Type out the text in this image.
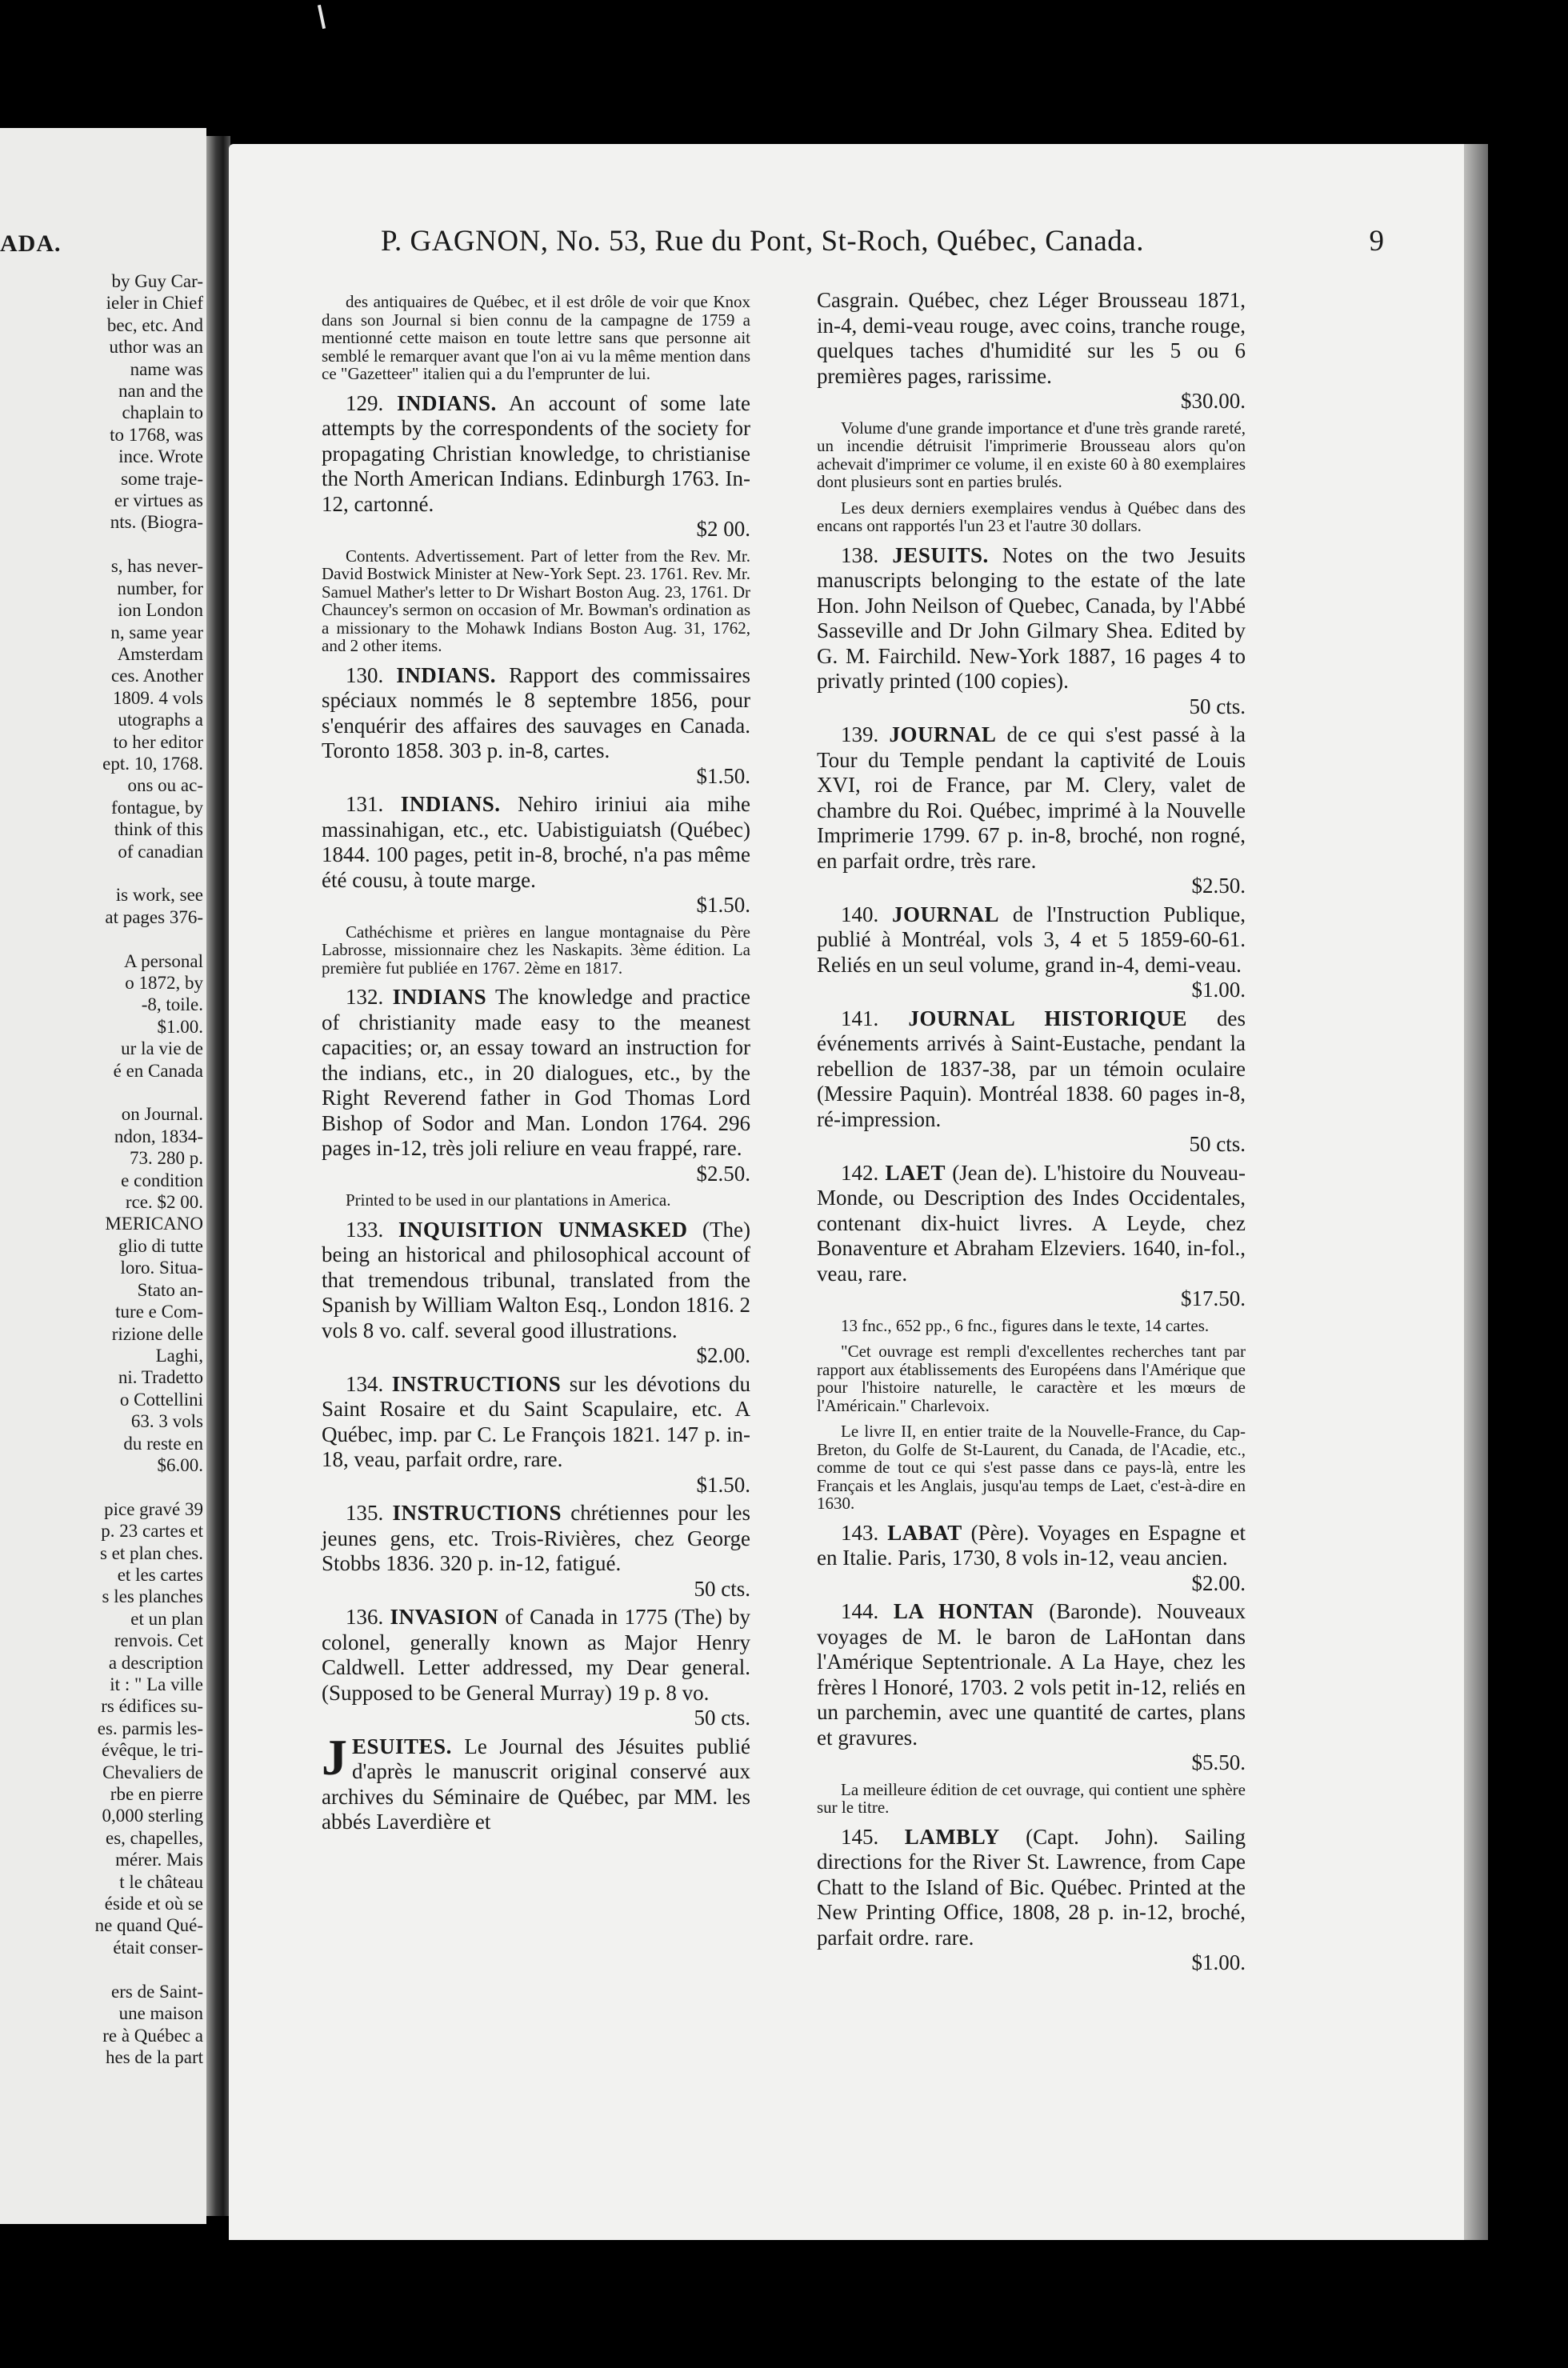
ADA.
by Guy Car-
ieler in Chief
bec, etc. And
uthor was an
name was
nan and the
chaplain to
to 1768, was
ince. Wrote
some traje-
er virtues as
nts. (Biogra-

s, has never-
number, for
ion London
n, same year
Amsterdam
ces. Another
1809. 4 vols
utographs a
to her editor
ept. 10, 1768.
ons ou ac-
fontague, by
think of this
of canadian

is work, see
at pages 376-

A personal
o 1872, by
-8, toile.
$1.00.
ur la vie de
é en Canada

on Journal.
ndon, 1834-
73. 280 p.
e condition
rce. $2 00.
MERICANO
glio di tutte
loro. Situa-
Stato an-
ture e Com-
rizione delle
Laghi,
ni. Tradetto
o Cottellini
63. 3 vols
du reste en
$6.00.

pice gravé 39
p. 23 cartes et
s et plan ches.
et les cartes
s les planches
et un plan
renvois. Cet
a description
it : " La ville
rs édifices su-
es. parmis les-
évêque, le tri-
Chevaliers de
rbe en pierre
0,000 sterling
es, chapelles,
mérer. Mais
t le château
éside et où se
ne quand Qué-
était conser-

ers de Saint-
une maison
re à Québec a
hes de la part
P. GAGNON, No. 53, Rue du Pont, St-Roch, Québec, Canada.	9

des antiquaires de Québec, et il est drôle de voir que Knox dans son Journal si bien connu de la campagne de 1759 a mentionné cette maison en toute lettre sans que personne ait semblé le remarquer avant que l'on ai vu la même mention dans ce "Gazetteer" italien qui a du l'emprunter de lui.

129. INDIANS. An account of some late attempts by the correspondents of the society for propagating Christian knowledge, to christianise the North American Indians. Edinburgh 1763. In-12, cartonné.
$2 00.

Contents. Advertissement. Part of letter from the Rev. Mr. David Bostwick Minister at New-York Sept. 23. 1761. Rev. Mr. Samuel Mather's letter to Dr Wishart Boston Aug. 23, 1761. Dr Chauncey's sermon on occasion of Mr. Bowman's ordination as a missionary to the Mohawk Indians Boston Aug. 31, 1762, and 2 other items.

130. INDIANS. Rapport des commissaires spéciaux nommés le 8 septembre 1856, pour s'enquérir des affaires des sauvages en Canada. Toronto 1858. 303 p. in-8, cartes.
$1.50.

131. INDIANS. Nehiro iriniui aia mihe massinahigan, etc., etc. Uabistiguiatsh (Québec) 1844. 100 pages, petit in-8, broché, n'a pas même été cousu, à toute marge.
$1.50.

Cathéchisme et prières en langue montagnaise du Père Labrosse, missionnaire chez les Naskapits. 3ème édition. La première fut publiée en 1767. 2ème en 1817.

132. INDIANS The knowledge and practice of christianity made easy to the meanest capacities; or, an essay toward an instruction for the indians, etc., in 20 dialogues, etc., by the Right Reverend father in God Thomas Lord Bishop of Sodor and Man. London 1764. 296 pages in-12, très joli reliure en veau frappé, rare.
$2.50.

Printed to be used in our plantations in America.

133. INQUISITION UNMASKED (The) being an historical and philosophical account of that tremendous tribunal, translated from the Spanish by William Walton Esq., London 1816. 2 vols 8 vo. calf. several good illustrations.
$2.00.

134. INSTRUCTIONS sur les dévotions du Saint Rosaire et du Saint Scapulaire, etc. A Québec, imp. par C. Le François 1821. 147 p. in-18, veau, parfait ordre, rare.
$1.50.

135. INSTRUCTIONS chrétiennes pour les jeunes gens, etc. Trois-Rivières, chez George Stobbs 1836. 320 p. in-12, fatigué.
50 cts.

136. INVASION of Canada in 1775 (The) by colonel, generally known as Major Henry Caldwell. Letter addressed, my Dear general. (Supposed to be General Murray) 19 p. 8 vo.
50 cts.

JESUITES. Le Journal des Jésuites publié d'après le manuscrit original conservé aux archives du Séminaire de Québec, par MM. les abbés Laverdière et

Casgrain. Québec, chez Léger Brousseau 1871, in-4, demi-veau rouge, avec coins, tranche rouge, quelques taches d'humidité sur les 5 ou 6 premières pages, rarissime.
$30.00.

Volume d'une grande importance et d'une très grande rareté, un incendie détruisit l'imprimerie Brousseau alors qu'on achevait d'imprimer ce volume, il en existe 60 à 80 exemplaires dont plusieurs sont en parties brulés.

Les deux derniers exemplaires vendus à Québec dans des encans ont rapportés l'un 23 et l'autre 30 dollars.

138. JESUITS. Notes on the two Jesuits manuscripts belonging to the estate of the late Hon. John Neilson of Quebec, Canada, by l'Abbé Sasseville and Dr John Gilmary Shea. Edited by G. M. Fairchild. New-York 1887, 16 pages 4 to privatly printed (100 copies).
50 cts.

139. JOURNAL de ce qui s'est passé à la Tour du Temple pendant la captivité de Louis XVI, roi de France, par M. Clery, valet de chambre du Roi. Québec, imprimé à la Nouvelle Imprimerie 1799. 67 p. in-8, broché, non rogné, en parfait ordre, très rare.
$2.50.

140. JOURNAL de l'Instruction Publique, publié à Montréal, vols 3, 4 et 5 1859-60-61. Reliés en un seul volume, grand in-4, demi-veau.
$1.00.

141. JOURNAL HISTORIQUE des événements arrivés à Saint-Eustache, pendant la rebellion de 1837-38, par un témoin oculaire (Messire Paquin). Montréal 1838. 60 pages in-8, ré-impression.
50 cts.

142. LAET (Jean de). L'histoire du Nouveau-Monde, ou Description des Indes Occidentales, contenant dix-huict livres. A Leyde, chez Bonaventure et Abraham Elzeviers. 1640, in-fol., veau, rare.
$17.50.

13 fnc., 652 pp., 6 fnc., figures dans le texte, 14 cartes.

"Cet ouvrage est rempli d'excellentes recherches tant par rapport aux établissements des Européens dans l'Amérique que pour l'histoire naturelle, le caractère et les mœurs de l'Américain." Charlevoix.

Le livre II, en entier traite de la Nouvelle-France, du Cap-Breton, du Golfe de St-Laurent, du Canada, de l'Acadie, etc., comme de tout ce qui s'est passe dans ce pays-là, entre les Français et les Anglais, jusqu'au temps de Laet, c'est-à-dire en 1630.

143. LABAT (Père). Voyages en Espagne et en Italie. Paris, 1730, 8 vols in-12, veau ancien.
$2.00.

144. LA HONTAN (Baronde). Nouveaux voyages de M. le baron de LaHontan dans l'Amérique Septentrionale. A La Haye, chez les frères l Honoré, 1703. 2 vols petit in-12, reliés en un parchemin, avec une quantité de cartes, plans et gravures.
$5.50.

La meilleure édition de cet ouvrage, qui contient une sphère sur le titre.

145. LAMBLY (Capt. John). Sailing directions for the River St. Lawrence, from Cape Chatt to the Island of Bic. Québec. Printed at the New Printing Office, 1808, 28 p. in-12, broché, parfait ordre. rare.
$1.00.
